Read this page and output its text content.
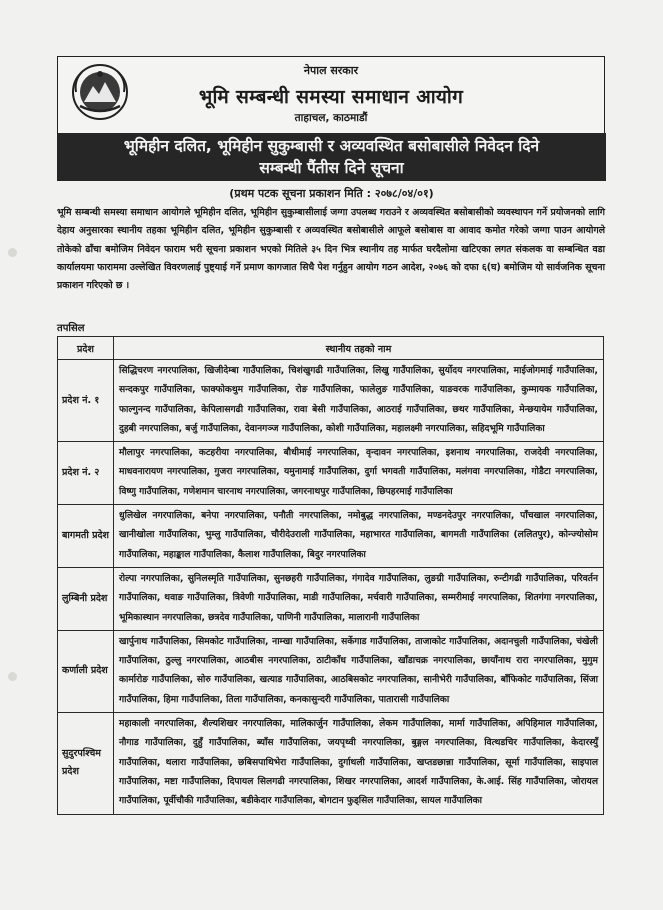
नेपाल सरकार
भूमि सम्बन्धी समस्या समाधान आयोग
ताहाचल, काठमाडौं
भूमिहीन दलित, भूमिहीन सुकुम्बासी र अव्यवस्थित बसोबासीले निवेदन दिने
सम्बन्धी पैंतीस दिने सूचना
(प्रथम पटक सूचना प्रकाशन मिति : २०७८/०४/०१)
भूमि सम्बन्धी समस्या समाधान आयोगले भूमिहीन दलित, भूमिहीन सुकुम्बासीलाई जग्गा उपलब्ध गराउने र अव्यवस्थित बसोबासीको व्यवस्थापन गर्ने प्रयोजनको लागि देहाय अनुसारका स्थानीय तहका भूमिहीन दलित, भूमिहीन सुकुम्बासी र अव्यवस्थित बसोबासीले आफूले बसोबास वा आवाद कमोत गरेको जग्गा पाउन आयोगले तोकेको ढाँचा बमोजिम निवेदन फाराम भरी सूचना प्रकाशन भएको मितिले ३५ दिन भित्र स्थानीय तह मार्फत घरदैलोमा खटिएका लगत संकलक वा सम्बन्धित वडा कार्यालयमा फाराममा उल्लेखित विवरणलाई पुष्ट्याई गर्ने प्रमाण कागजात सिधै पेश गर्नुहुन आयोग गठन आदेश, २०७६ को दफा ६(घ) बमोजिम यो सार्वजनिक सूचना प्रकाशन गरिएको छ ।
तपसिल
प्रदेश	स्थानीय तहको नाम
प्रदेश नं. १	सिद्धिचरण नगरपालिका, खिजीदेम्बा गाउँपालिका, चिशंखुगढी गाउँपालिका, लिखु गाउँपालिका, सुर्योदय नगरपालिका, माईजोगमाई गाउँपालिका, सन्दकपुर गाउँपालिका, फाक्फोकथुम गाउँपालिका, रोङ गाउँपालिका, फालेलुङ गाउँपालिका, याङवरक गाउँपालिका, कुम्मायक गाउँपालिका, फाल्गुनन्द गाउँपालिका, केपिलासगढी गाउँपालिका, रावा बेसी गाउँपालिका, आठराई गाउँपालिका, छथर गाउँपालिका, मेन्छयायेम गाउँपालिका, दुहबी नगरपालिका, बर्जु गाउँपालिका, देवानगञ्ज गाउँपालिका, कोशी गाउँपालिका, महालक्ष्मी नगरपालिका, सहिदभूमि गाउँपालिका
प्रदेश नं. २	मौलापुर नगरपालिका, कटहरीया नगरपालिका, बौधीमाई नगरपालिका, वृन्दावन नगरपालिका, इशनाथ नगरपालिका, राजदेवी नगरपालिका, माधवनारायण नगरपालिका, गुजरा नगरपालिका, यमुनामाई गाउँपालिका, दुर्गा भगवती गाउँपालिका, मलंगवा नगरपालिका, गोडैटा नगरपालिका, विष्णु गाउँपालिका, गणेशमान चारनाथ नगरपालिका, जगरनाथपुर गाउँपालिका, छिपहरमाई गाउँपालिका
बागमती प्रदेश	धुलिखेल नगरपालिका, बनेपा नगरपालिका, पनौती नगरपालिका, नमोबुद्ध नगरपालिका, मण्डनदेउपुर नगरपालिका, पाँचखाल नगरपालिका, खानीखोला गाउँपालिका, भुम्लु गाउँपालिका, चौरीदेउराली गाउँपालिका, महाभारत गाउँपालिका, बागमती गाउँपालिका (ललितपुर), कोन्ज्योसोम गाउँपालिका, महाङ्काल गाउँपालिका, कैलाश गाउँपालिका, बिदुर नगरपालिका
लुम्बिनी प्रदेश	रोल्पा नगरपालिका, सुनिलस्मृति गाउँपालिका, सुनछहरी गाउँपालिका, गंगादेव गाउँपालिका, लुङग्री गाउँपालिका, रुन्टीगढी गाउँपालिका, परिवर्तन गाउँपालिका, थवाङ गाउँपालिका, त्रिवेणी गाउँपालिका, माडी गाउँपालिका, मर्चवारी गाउँपालिका, सम्मरीमाई नगरपालिका, शितगंगा नगरपालिका, भूमिकास्थान नगरपालिका, छत्रदेव गाउँपालिका, पाणिनी गाउँपालिका, मालारानी गाउँपालिका
कर्णाली प्रदेश	खार्पुनाथ गाउँपालिका, सिमकोट गाउँपालिका, नाम्खा गाउँपालिका, सर्केगाड गाउँपालिका, ताजाकोट गाउँपालिका, अदानचुली गाउँपालिका, चंखेली गाउँपालिका, ठुल्लु नगरपालिका, आठबीस नगरपालिका, ठाटीकाँध गाउँपालिका, खाँडाचक्र नगरपालिका, छायाँनाथ रारा नगरपालिका, मुगुम कार्मारोङ गाउँपालिका, सोरु गाउँपालिका, खत्याड गाउँपालिका, आठबिसकोट नगरपालिका, सानीभेरी गाउँपालिका, बाँफिकोट गाउँपालिका, सिंजा गाउँपालिका, हिमा गाउँपालिका, तिला गाउँपालिका, कनकासुन्दरी गाउँपालिका, पातारासी गाउँपालिका
सुदुरपश्चिम प्रदेश	महाकाली नगरपालिका, शैल्यशिखर नगरपालिका, मालिकार्जुन गाउँपालिका, लेकम गाउँपालिका, मार्मा गाउँपालिका, अपिहिमाल गाउँपालिका, नौगाड गाउँपालिका, दुहुँ गाउँपालिका, ब्याँस गाउँपालिका, जयपृथ्वी नगरपालिका, बुङ्गल नगरपालिका, वित्थडचिर गाउँपालिका, केदारस्युँ गाउँपालिका, थलारा गाउँपालिका, छबिसपाथिभेरा गाउँपालिका, दुर्गाथली गाउँपालिका, खप्तडछान्ना गाउँपालिका, सूर्मा गाउँपालिका, साइपाल गाउँपालिका, मष्टा गाउँपालिका, दिपायल सिलगढी नगरपालिका, शिखर नगरपालिका, आदर्श गाउँपालिका, के.आई. सिंह गाउँपालिका, जोरायल गाउँपालिका, पूर्वीचौकी गाउँपालिका, बडीकेदार गाउँपालिका, बोगटान फुड्सिल गाउँपालिका, सायल गाउँपालिका
